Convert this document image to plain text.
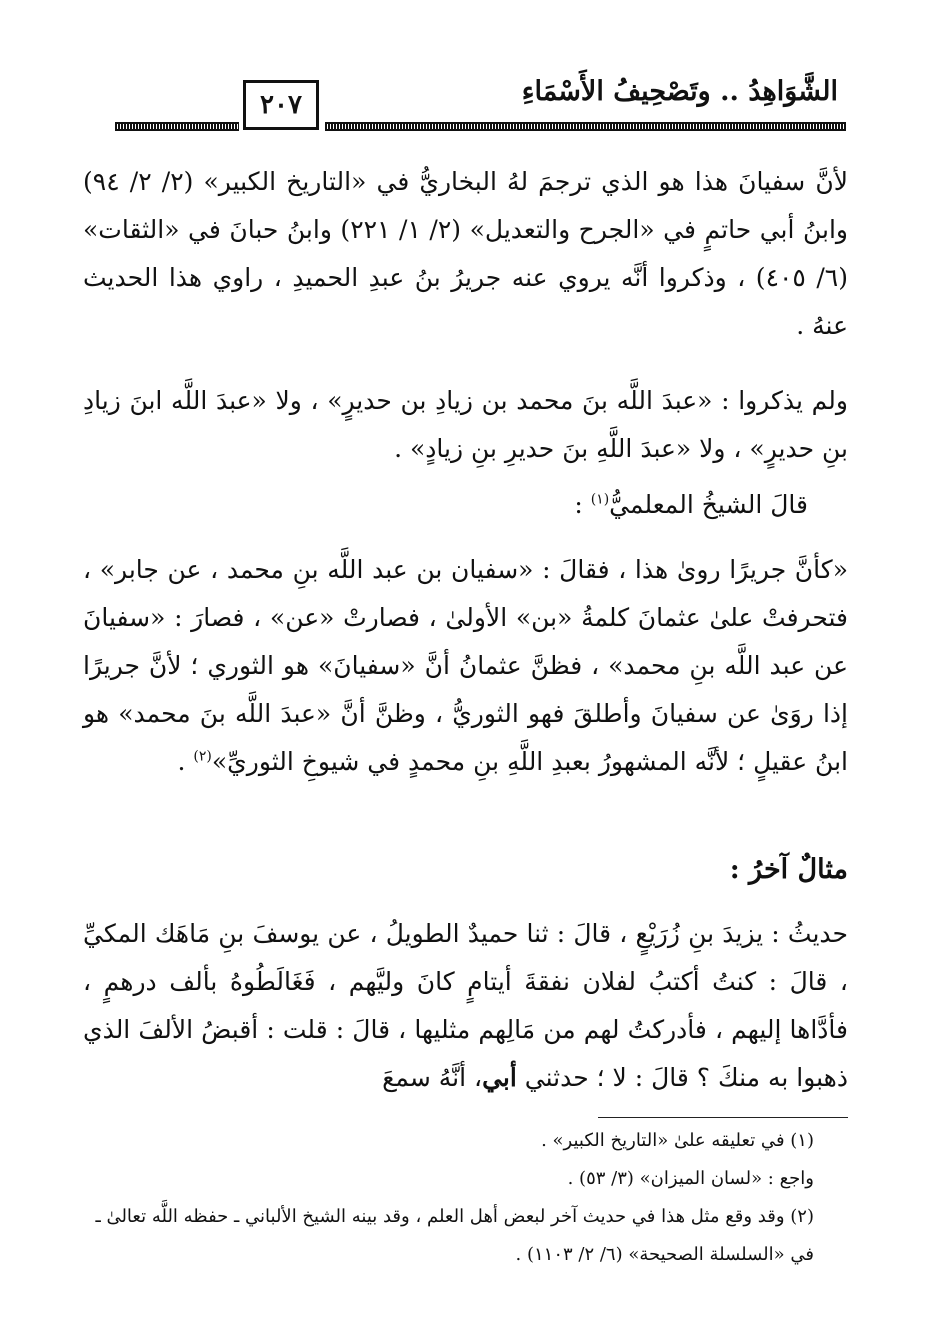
الشَّوَاهِدُ .. وتَصْحِيفُ الأَسْمَاءِ
٢٠٧

لأنَّ سفيانَ هذا هو الذي ترجمَ لهُ البخاريُّ في «التاريخ الكبير» (٢/ ٢/ ٩٤) وابنُ أبي حاتمٍ في «الجرح والتعديل» (٢/ ١/ ٢٢١) وابنُ حبانَ في «الثقات» (٦/ ٤٠٥) ، وذكروا أنَّه يروي عنه جريرُ بنُ عبدِ الحميدِ ، راوي هذا الحديث عنهُ .

ولم يذكروا : «عبدَ اللَّه بنَ محمد بن زيادِ بن حديرٍ» ، ولا «عبدَ اللَّه ابنَ زيادِ بنِ حديرٍ» ، ولا «عبدَ اللَّهِ بنَ حديرِ بنِ زيادٍ» .

قالَ الشيخُ المعلميُّ$^{(١)}$ :

«كأنَّ جريرًا روىٰ هذا ، فقالَ : «سفيان بن عبد اللَّه بنِ محمد ، عن جابر» ، فتحرفتْ علىٰ عثمانَ كلمةُ «بن» الأولىٰ ، فصارتْ «عن» ، فصارَ : «سفيانَ عن عبد اللَّه بنِ محمد» ، فظنَّ عثمانُ أنَّ «سفيانَ» هو الثوري ؛ لأنَّ جريرًا إذا روَىٰ عن سفيانَ وأطلقَ فهو الثوريُّ ، وظنَّ أنَّ «عبدَ اللَّه بنَ محمد» هو ابنُ عقيلٍ ؛ لأنَّه المشهورُ بعبدِ اللَّهِ بنِ محمدٍ في شيوخِ الثوريِّ»$^{(٢)}$ .

مثالٌ آخرُ :

حديثُ : يزيدَ بنِ زُرَيْعٍ ، قالَ : ثنا حميدٌ الطويلُ ، عن يوسفَ بنِ مَاهَك المكيِّ ، قالَ : كنتُ أكتبُ لفلان نفقةَ أيتامٍ كانَ وليَّهم ، فَغَالَطُوهُ بألف درهمٍ ، فأدَّاها إليهم ، فأدركتُ لهم من مَالِهم مثليها ، قالَ : قلت : أقبضُ الألفَ الذي ذهبوا به منكَ ؟ قالَ : لا ؛ حدثني أبي، أنَّهُ سمعَ

(١) في تعليقه علىٰ «التاريخ الكبير» .

واجع : «لسان الميزان» (٣/ ٥٣) .

(٢) وقد وقع مثل هذا في حديث آخر لبعض أهل العلم ، وقد بينه الشيخ الألباني ـ حفظه اللَّه تعالىٰ ـ في «السلسلة الصحيحة» (٦/ ٢/ ١١٠٣) .
